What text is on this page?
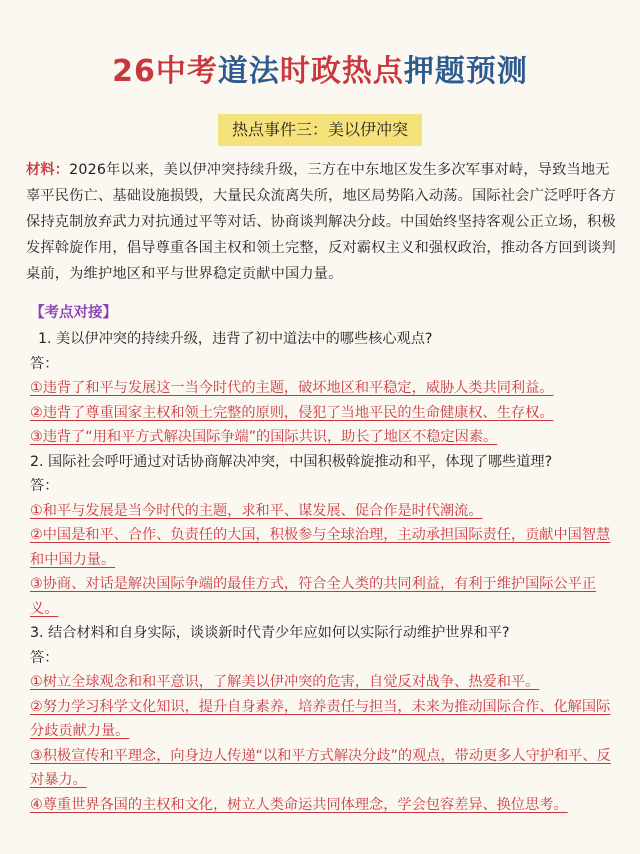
26中考道法时政热点押题预测
热点事件三：美以伊冲突
材料：2026年以来，美以伊冲突持续升级，三方在中东地区发生多次军事对峙，导致当地无辜平民伤亡、基础设施损毁，大量民众流离失所，地区局势陷入动荡。国际社会广泛呼吁各方保持克制放弃武力对抗通过平等对话、协商谈判解决分歧。中国始终坚持客观公正立场，积极发挥斡旋作用，倡导尊重各国主权和领土完整，反对霸权主义和强权政治，推动各方回到谈判桌前，为维护地区和平与世界稳定贡献中国力量。
【考点对接】
1. 美以伊冲突的持续升级，违背了初中道法中的哪些核心观点?
答：
①违背了和平与发展这一当今时代的主题，破坏地区和平稳定，威胁人类共同利益。
②违背了尊重国家主权和领土完整的原则，侵犯了当地平民的生命健康权、生存权。
③违背了“用和平方式解决国际争端”的国际共识，助长了地区不稳定因素。
2. 国际社会呼吁通过对话协商解决冲突，中国积极斡旋推动和平，体现了哪些道理?
答：
①和平与发展是当今时代的主题，求和平、谋发展、促合作是时代潮流。
②中国是和平、合作、负责任的大国，积极参与全球治理，主动承担国际责任，贡献中国智慧和中国力量。
③协商、对话是解决国际争端的最佳方式，符合全人类的共同利益，有利于维护国际公平正义。
3. 结合材料和自身实际，谈谈新时代青少年应如何以实际行动维护世界和平?
答：
①树立全球观念和和平意识，了解美以伊冲突的危害，自觉反对战争、热爱和平。
②努力学习科学文化知识，提升自身素养，培养责任与担当，未来为推动国际合作、化解国际分歧贡献力量。
③积极宣传和平理念，向身边人传递“以和平方式解决分歧”的观点，带动更多人守护和平、反对暴力。
④尊重世界各国的主权和文化，树立人类命运共同体理念，学会包容差异、换位思考。
